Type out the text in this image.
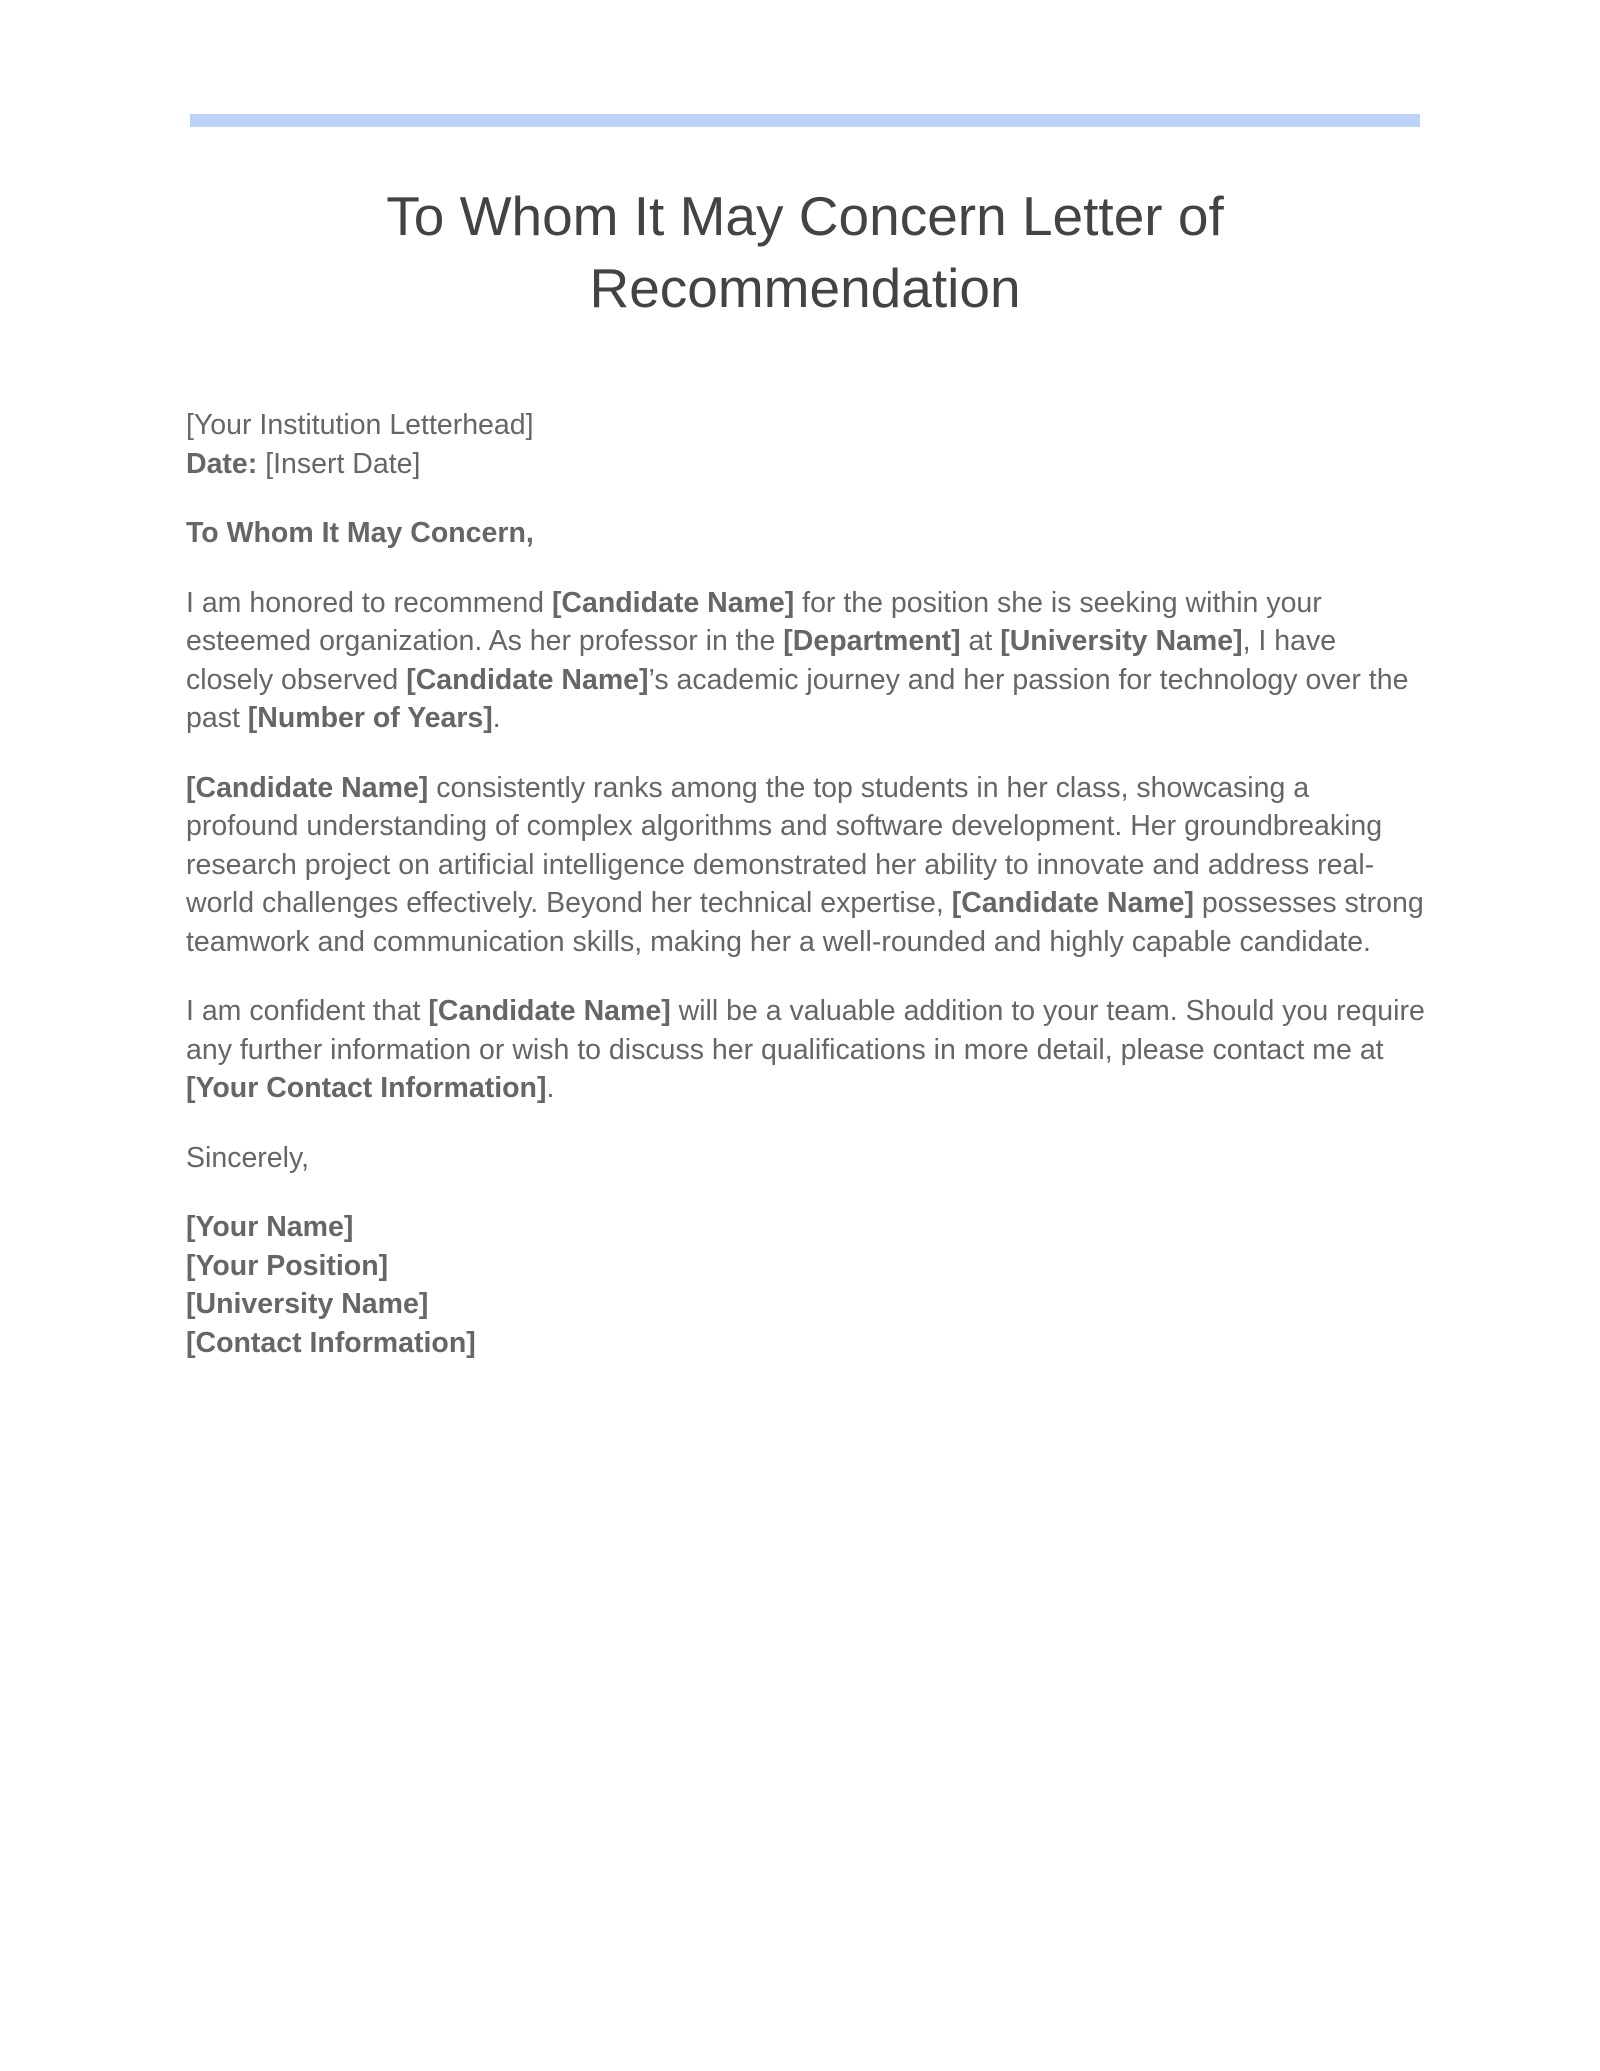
To Whom It May Concern Letter of
Recommendation

[Your Institution Letterhead]
Date: [Insert Date]

To Whom It May Concern,

I am honored to recommend [Candidate Name] for the position she is seeking within your esteemed organization. As her professor in the [Department] at [University Name], I have closely observed [Candidate Name]’s academic journey and her passion for technology over the past [Number of Years].

[Candidate Name] consistently ranks among the top students in her class, showcasing a profound understanding of complex algorithms and software development. Her groundbreaking research project on artificial intelligence demonstrated her ability to innovate and address real-world challenges effectively. Beyond her technical expertise, [Candidate Name] possesses strong teamwork and communication skills, making her a well-rounded and highly capable candidate.

I am confident that [Candidate Name] will be a valuable addition to your team. Should you require any further information or wish to discuss her qualifications in more detail, please contact me at [Your Contact Information].

Sincerely,

[Your Name]
[Your Position]
[University Name]
[Contact Information]
